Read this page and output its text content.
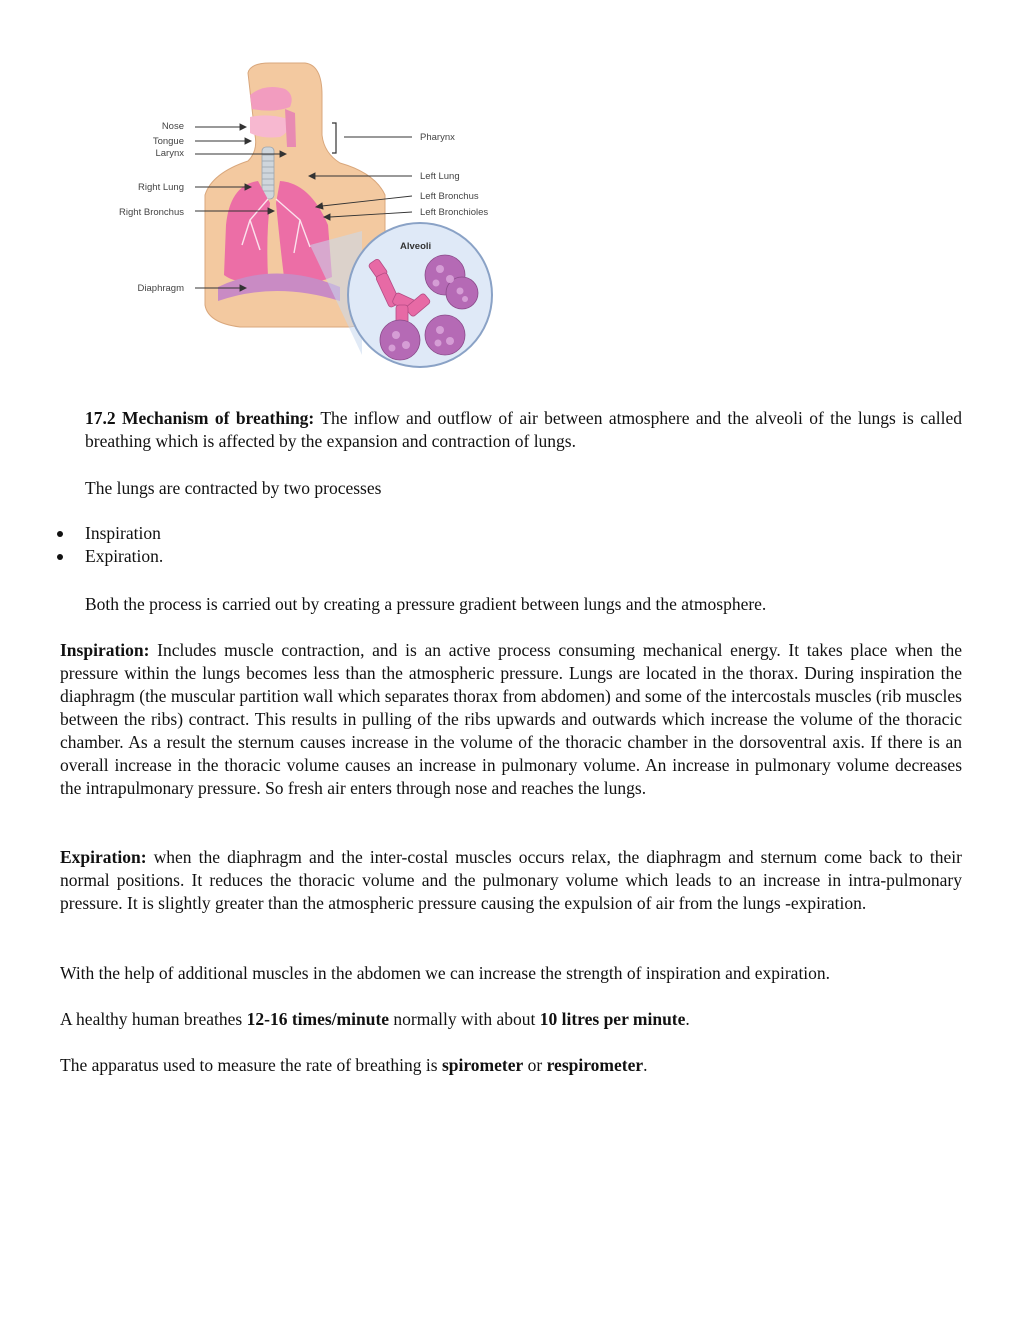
Nose
Tongue
Larynx
Right Lung
Right Bronchus
Diaphragm
Pharynx
Left Lung
Left Bronchus
Left Bronchioles
Alveoli

17.2 Mechanism of breathing: The inflow and outflow of air between atmosphere and the alveoli of the lungs is called breathing which is affected by the expansion and contraction of lungs.

The lungs are contracted by two processes

Inspiration
Expiration.

Both the process is carried out by creating a pressure gradient between lungs and the atmosphere.

Inspiration: Includes muscle contraction, and is an active process consuming mechanical energy. It takes place when the pressure within the lungs becomes less than the atmospheric pressure. Lungs are located in the thorax. During inspiration the diaphragm (the muscular partition wall which separates thorax from abdomen) and some of the intercostals muscles (rib muscles between the ribs) contract. This results in pulling of the ribs upwards and outwards which increase the volume of the thoracic chamber. As a result the sternum causes increase in the volume of the thoracic chamber in the dorsoventral axis. If there is an overall increase in the thoracic volume causes an increase in pulmonary volume. An increase in pulmonary volume decreases the intrapulmonary pressure. So fresh air enters through nose and reaches the lungs.

Expiration: when the diaphragm and the inter-costal muscles occurs relax, the diaphragm and sternum come back to their normal positions. It reduces the thoracic volume and the pulmonary volume which leads to an increase in intra-pulmonary pressure. It is slightly greater than the atmospheric pressure causing the expulsion of air from the lungs -expiration.

With the help of additional muscles in the abdomen we can increase the strength of inspiration and expiration.

A healthy human breathes 12-16 times/minute normally with about 10 litres per minute.

The apparatus used to measure the rate of breathing is spirometer or respirometer.
